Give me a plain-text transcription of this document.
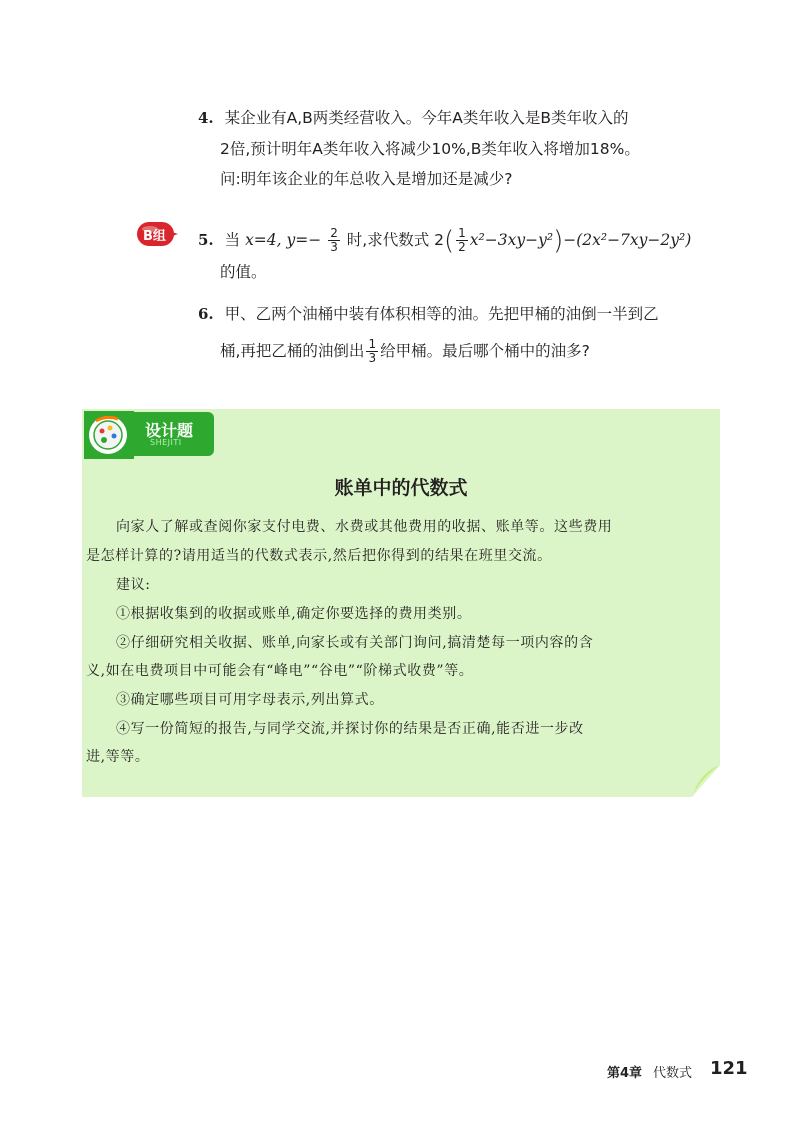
4. 某企业有A,B两类经营收入。今年A类年收入是B类年收入的
2倍,预计明年A类年收入将减少10%,B类年收入将增加18%。
问:明年该企业的年总收入是增加还是减少?
B组 5. 当 x=4, $y=- \frac{2}{3}$ 时,求代数式 $2( \frac{1}{2} x^2-3xy-y^2)-(2x^2-7xy-2y^2)$
的值。
6. 甲、乙两个油桶中装有体积相等的油。先把甲桶的油倒一半到乙
桶,再把乙桶的油倒出 $\frac{1}{3}$ 给甲桶。最后哪个桶中的油多?
设计题
SHEJITI
账单中的代数式
向家人了解或查阅你家支付电费、水费或其他费用的收据、账单等。这些费用
是怎样计算的?请用适当的代数式表示,然后把你得到的结果在班里交流。
建议:
①根据收集到的收据或账单,确定你要选择的费用类别。
②仔细研究相关收据、账单,向家长或有关部门询问,搞清楚每一项内容的含
义,如在电费项目中可能会有“峰电”“谷电”“阶梯式收费”等。
③确定哪些项目可用字母表示,列出算式。
④写一份简短的报告,与同学交流,并探讨你的结果是否正确,能否进一步改
进,等等。
第4章 代数式 121
